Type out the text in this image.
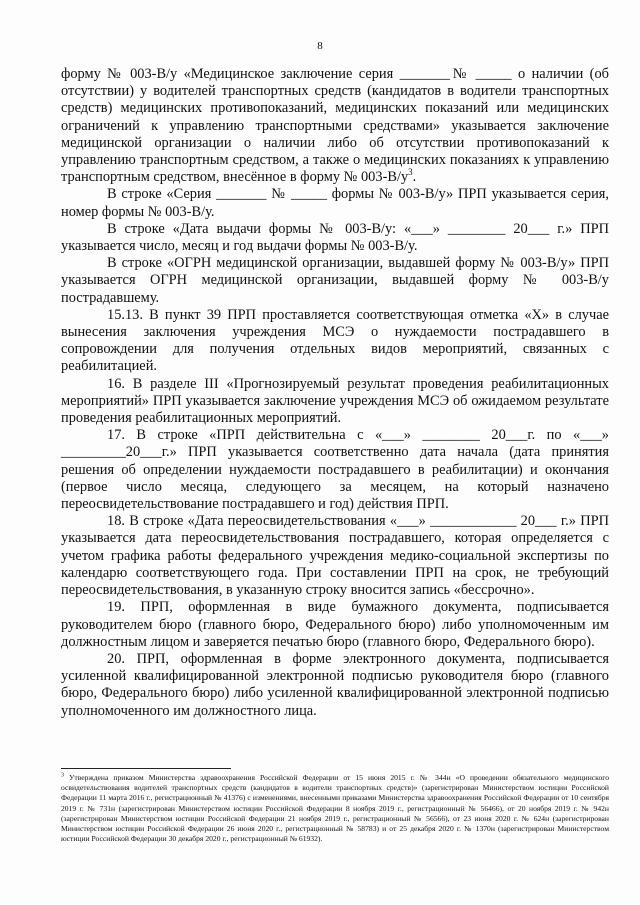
8

форму № 003-В/у «Медицинское заключение серия _______№ _____ о наличии (об отсутствии) у водителей транспортных средств (кандидатов в водители транспортных средств) медицинских противопоказаний, медицинских показаний или медицинских ограничений к управлению транспортными средствами» указывается заключение медицинской организации о наличии либо об отсутствии противопоказаний к управлению транспортным средством, а также о медицинских показаниях к управлению транспортным средством, внесённое в форму № $003-В/у^3$.

В строке «Серия _______ № _____ формы № 003-В/у» ПРП указывается серия, номер формы № 003-В/у.

В строке «Дата выдачи формы № 003-В/у: «___» ________ 20___ г.» ПРП указывается число, месяц и год выдачи формы № 003-В/у.

В строке «ОГРН медицинской организации, выдавшей форму № 003-В/у» ПРП указывается ОГРН медицинской организации, выдавшей форму № 003-В/у пострадавшему.

15.13. В пункт 39 ПРП проставляется соответствующая отметка «Х» в случае вынесения заключения учреждения МСЭ о нуждаемости пострадавшего в сопровождении для получения отдельных видов мероприятий, связанных с реабилитацией.

16. В разделе III «Прогнозируемый результат проведения реабилитационных мероприятий» ПРП указывается заключение учреждения МСЭ об ожидаемом результате проведения реабилитационных мероприятий.

17. В строке «ПРП действительна с «___» ________ 20___г. по «___» _________20___г.» ПРП указывается соответственно дата начала (дата принятия решения об определении нуждаемости пострадавшего в реабилитации) и окончания (первое число месяца, следующего за месяцем, на который назначено переосвидетельствование пострадавшего и год) действия ПРП.

18. В строке «Дата переосвидетельствования «___» ____________ 20___ г.» ПРП указывается дата переосвидетельствования пострадавшего, которая определяется с учетом графика работы федерального учреждения медико-социальной экспертизы по календарю соответствующего года. При составлении ПРП на срок, не требующий переосвидетельствования, в указанную строку вносится запись «бессрочно».

19. ПРП, оформленная в виде бумажного документа, подписывается руководителем бюро (главного бюро, Федерального бюро) либо уполномоченным им должностным лицом и заверяется печатью бюро (главного бюро, Федерального бюро).

20. ПРП, оформленная в форме электронного документа, подписывается усиленной квалифицированной электронной подписью руководителя бюро (главного бюро, Федерального бюро) либо усиленной квалифицированной электронной подписью уполномоченного им должностного лица.

$^3$ Утверждена приказом Министерства здравоохранения Российской Федерации от 15 июня 2015 г. № 344н «О проведении обязательного медицинского освидетельствования водителей транспортных средств (кандидатов в водители транспортных средств)» (зарегистрирован Министерством юстиции Российской Федерации 11 марта 2016 г., регистрационный № 41376) с изменениями, внесенными приказами Министерства здравоохранения Российской Федерации от 10 сентября 2019 г. № 731н (зарегистрирован Министерством юстиции Российской Федерации 8 ноября 2019 г., регистрационный № 56466), от 20 ноября 2019 г. № 942н (зарегистрирован Министерством юстиции Российской Федерации 21 ноября 2019 г., регистрационный № 56566), от 23 июня 2020 г. № 624н (зарегистрирован Министерством юстиции Российской Федерации 26 июня 2020 г., регистрационный № 58783) и от 25 декабря 2020 г. № 1370н (зарегистрирован Министерством юстиции Российской Федерации 30 декабря 2020 г., регистрационный № 61932).
